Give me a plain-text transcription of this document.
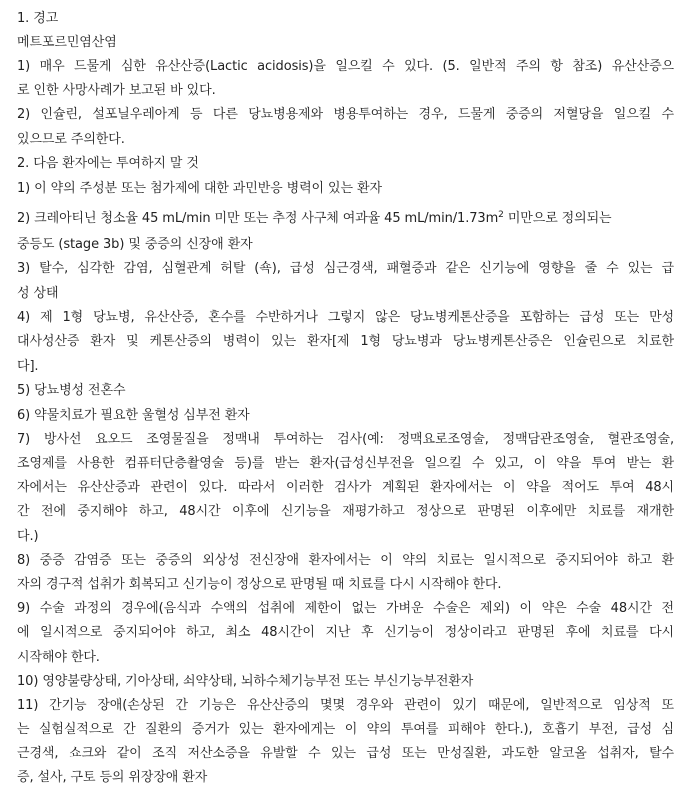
1. 경고
메트포르민염산염
1) 매우 드물게 심한 유산산증(Lactic acidosis)을 일으킬 수 있다. (5. 일반적 주의 항 참조) 유산산증으
로 인한 사망사례가 보고된 바 있다.
2) 인슐린, 설포닐우레아계 등 다른 당뇨병용제와 병용투여하는 경우, 드물게 중증의 저혈당을 일으킬 수
있으므로 주의한다.
2. 다음 환자에는 투여하지 말 것
1) 이 약의 주성분 또는 첨가제에 대한 과민반응 병력이 있는 환자
2) 크레아티닌 청소율 45 mL/min 미만 또는 추정 사구체 여과율 45 $mL/\min/1.73m^2$ 미만으로 정의되는
중등도 (stage 3b) 및 중증의 신장애 환자
3) 탈수, 심각한 감염, 심혈관계 허탈 (쇽), 급성 심근경색, 패혈증과 같은 신기능에 영향을 줄 수 있는 급
성 상태
4) 제 1형 당뇨병, 유산산증, 혼수를 수반하거나 그렇지 않은 당뇨병케톤산증을 포함하는 급성 또는 만성
대사성산증 환자 및 케톤산증의 병력이 있는 환자[제 1형 당뇨병과 당뇨병케톤산증은 인슐린으로 치료한
다].
5) 당뇨병성 전혼수
6) 약물치료가 필요한 울혈성 심부전 환자
7) 방사선 요오드 조영물질을 정맥내 투여하는 검사(예: 정맥요로조영술, 정맥담관조영술, 혈관조영술,
조영제를 사용한 컴퓨터단층촬영술 등)를 받는 환자(급성신부전을 일으킬 수 있고, 이 약을 투여 받는 환
자에서는 유산산증과 관련이 있다. 따라서 이러한 검사가 계획된 환자에서는 이 약을 적어도 투여 48시
간 전에 중지해야 하고, 48시간 이후에 신기능을 재평가하고 정상으로 판명된 이후에만 치료를 재개한
다.)
8) 중증 감염증 또는 중증의 외상성 전신장애 환자에서는 이 약의 치료는 일시적으로 중지되어야 하고 환
자의 경구적 섭취가 회복되고 신기능이 정상으로 판명될 때 치료를 다시 시작해야 한다.
9) 수술 과정의 경우에(음식과 수액의 섭취에 제한이 없는 가벼운 수술은 제외) 이 약은 수술 48시간 전
에 일시적으로 중지되어야 하고, 최소 48시간이 지난 후 신기능이 정상이라고 판명된 후에 치료를 다시
시작해야 한다.
10) 영양불량상태, 기아상태, 쇠약상태, 뇌하수체기능부전 또는 부신기능부전환자
11) 간기능 장애(손상된 간 기능은 유산산증의 몇몇 경우와 관련이 있기 때문에, 일반적으로 임상적 또
는 실험실적으로 간 질환의 증거가 있는 환자에게는 이 약의 투여를 피해야 한다.), 호흡기 부전, 급성 심
근경색, 쇼크와 같이 조직 저산소증을 유발할 수 있는 급성 또는 만성질환, 과도한 알코올 섭취자, 탈수
증, 설사, 구토 등의 위장장애 환자
